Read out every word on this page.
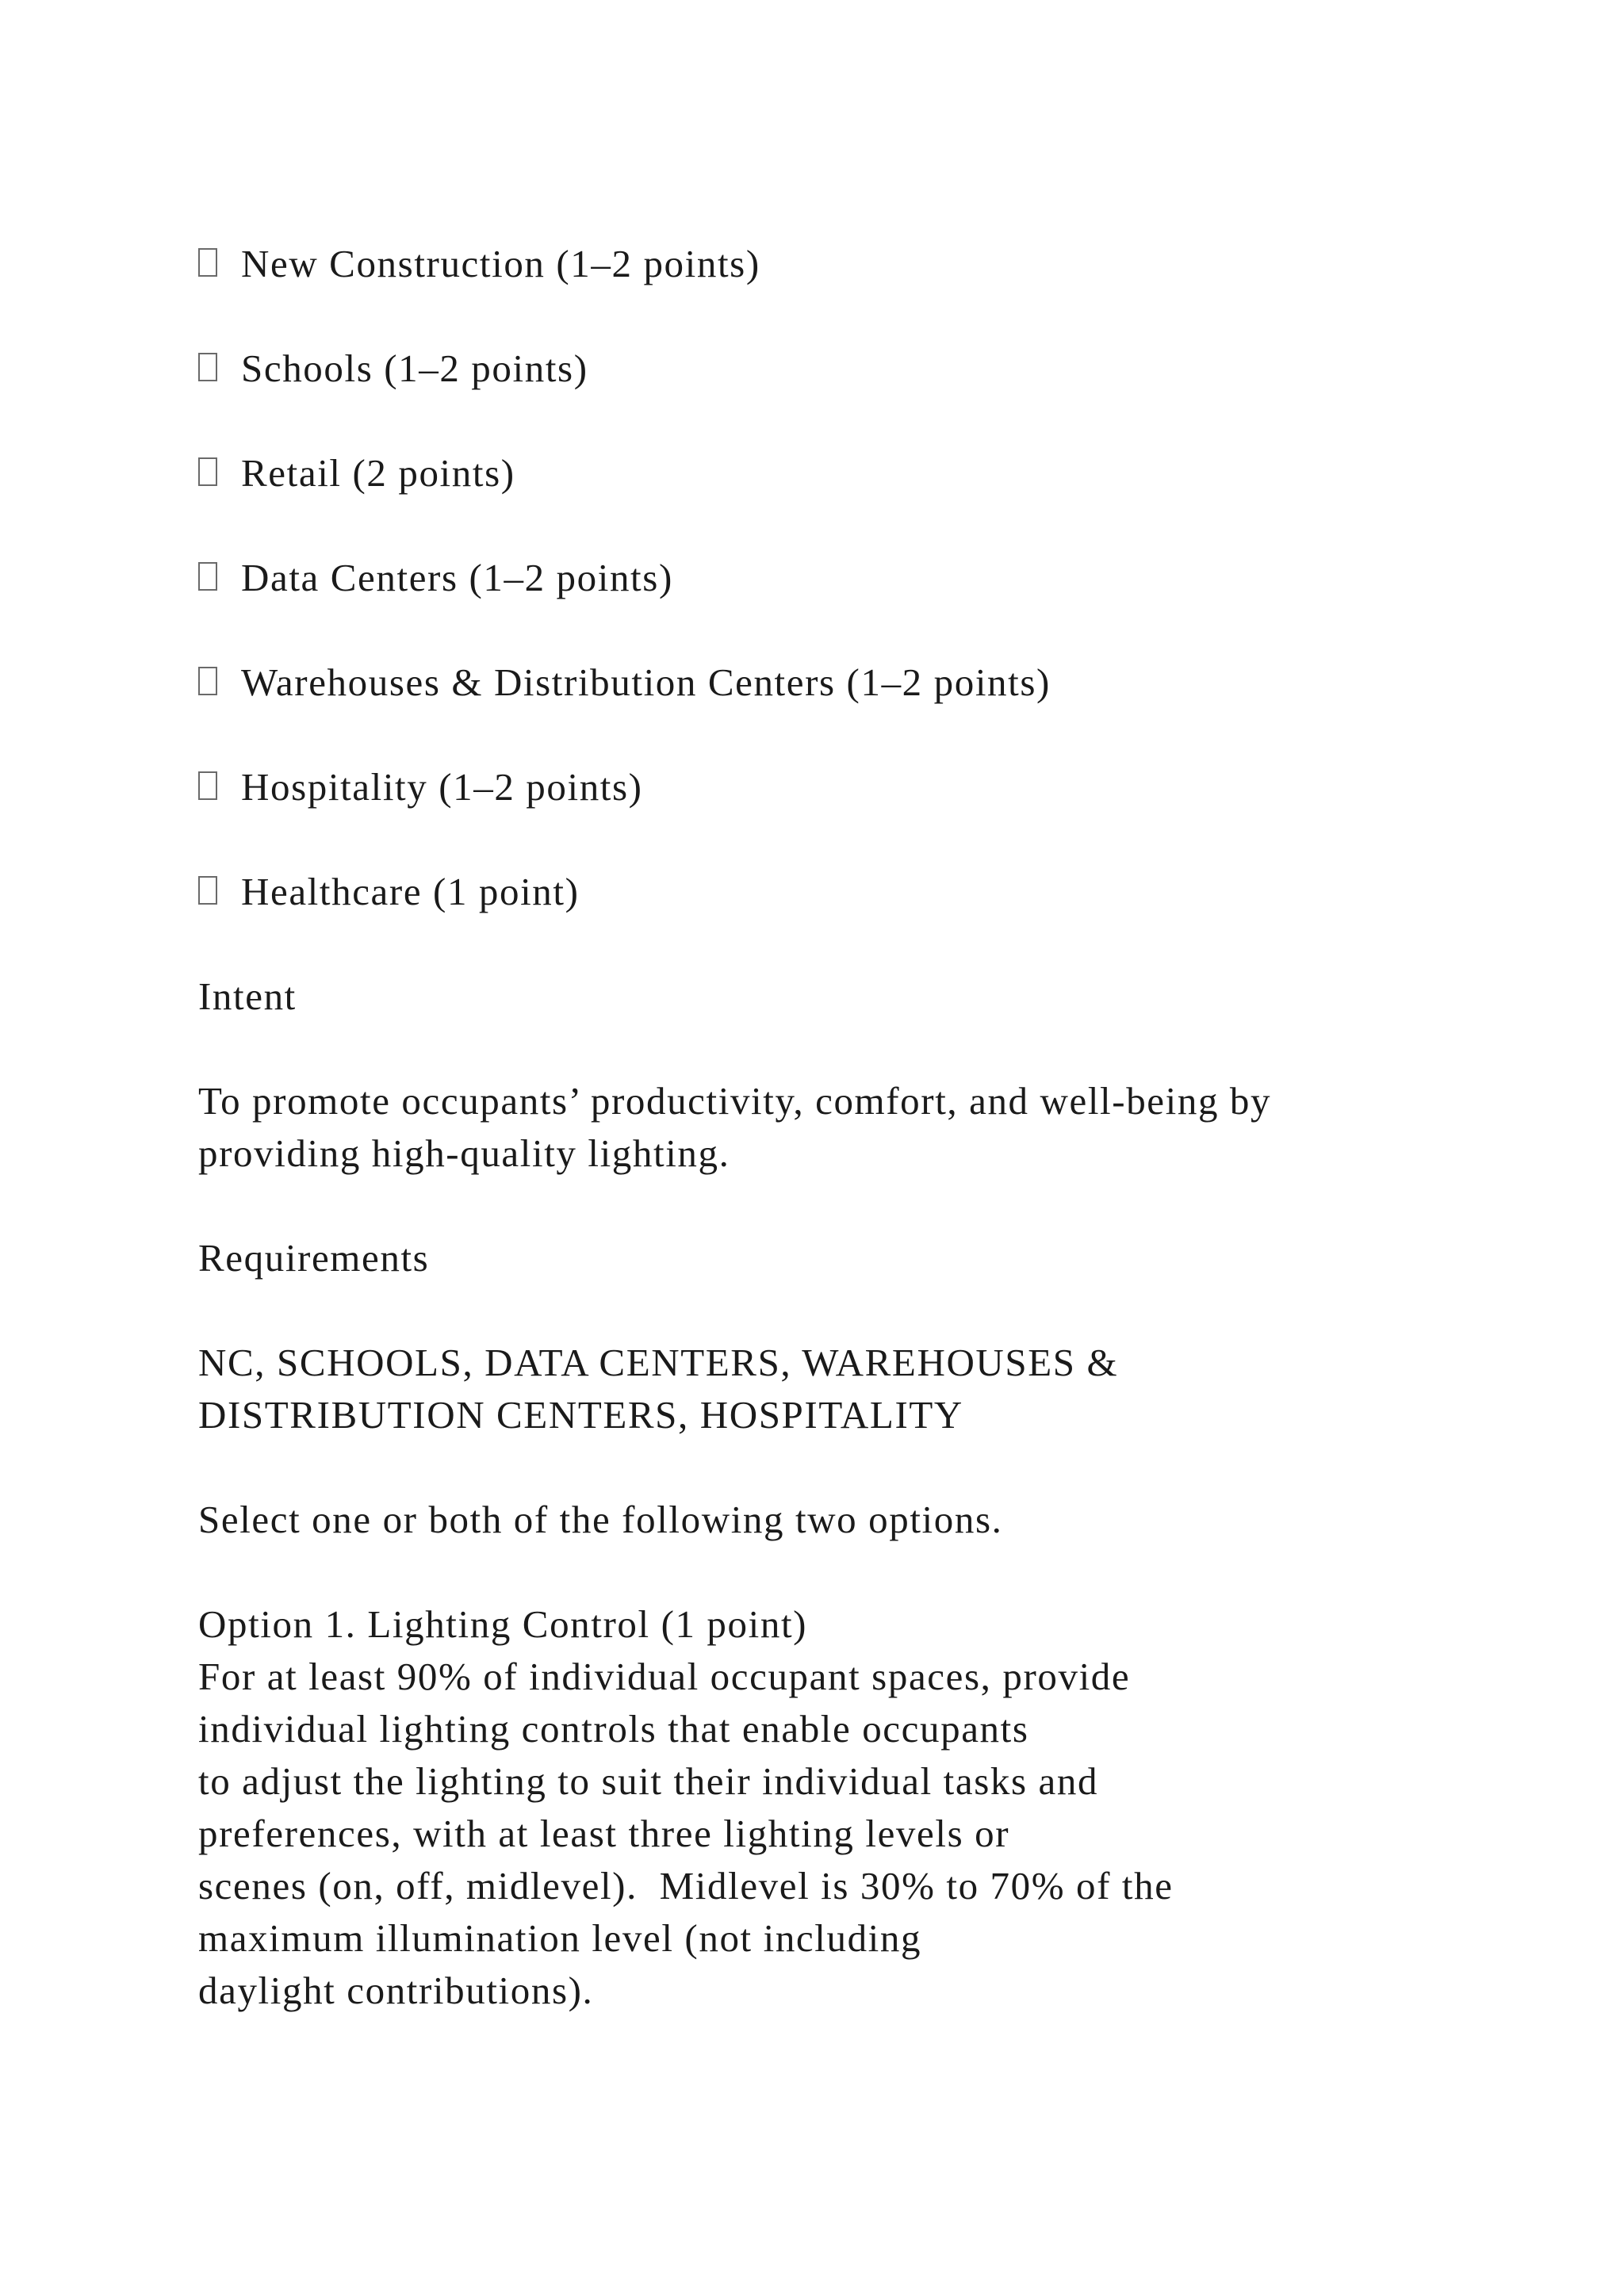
New Construction (1–2 points)
Schools (1–2 points)
Retail (2 points)
Data Centers (1–2 points)
Warehouses & Distribution Centers (1–2 points)
Hospitality (1–2 points)
Healthcare (1 point)
Intent
To promote occupants’ productivity, comfort, and well-being by
providing high-quality lighting.
Requirements
NC, SCHOOLS, DATA CENTERS, WAREHOUSES &
DISTRIBUTION CENTERS, HOSPITALITY
Select one or both of the following two options.
Option 1. Lighting Control (1 point)
For at least 90% of individual occupant spaces, provide
individual lighting controls that enable occupants
to adjust the lighting to suit their individual tasks and
preferences, with at least three lighting levels or
scenes (on, off, midlevel).  Midlevel is 30% to 70% of the
maximum illumination level (not including
daylight contributions).
